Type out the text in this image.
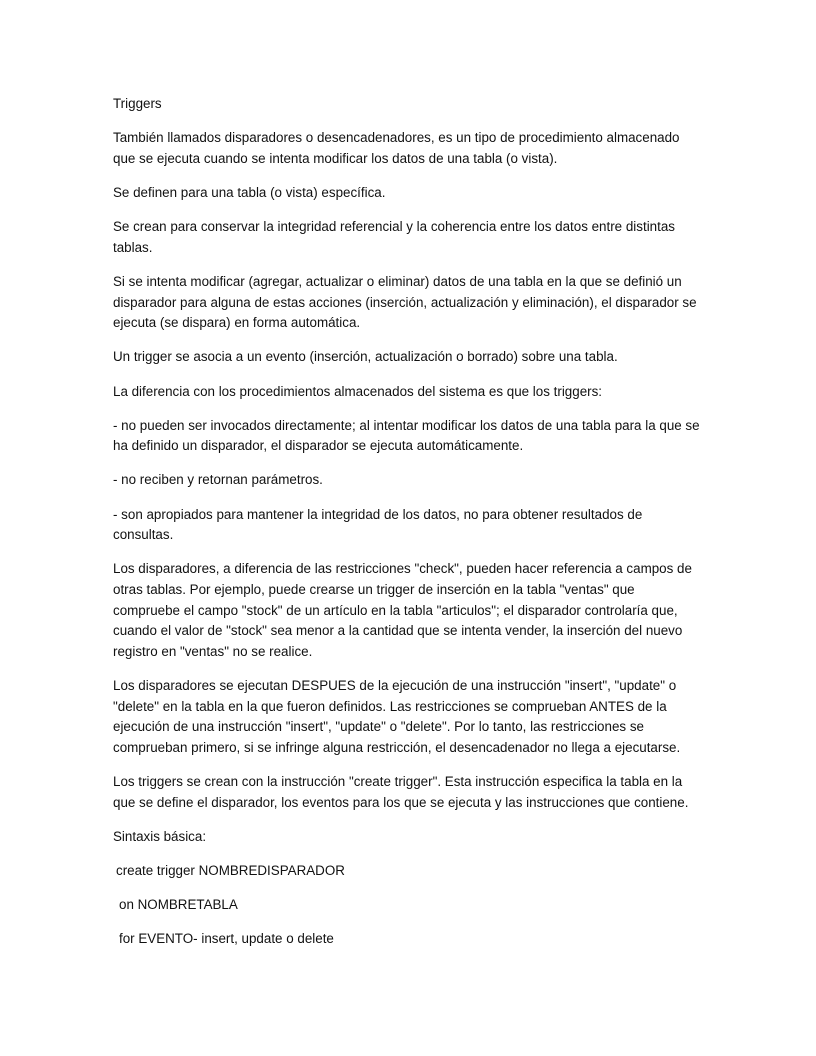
Triggers

También llamados disparadores o desencadenadores, es un tipo de procedimiento almacenado que se ejecuta cuando se intenta modificar los datos de una tabla (o vista).

Se definen para una tabla (o vista) específica.

Se crean para conservar la integridad referencial y la coherencia entre los datos entre distintas tablas.

Si se intenta modificar (agregar, actualizar o eliminar) datos de una tabla en la que se definió un disparador para alguna de estas acciones (inserción, actualización y eliminación), el disparador se ejecuta (se dispara) en forma automática.

Un trigger se asocia a un evento (inserción, actualización o borrado) sobre una tabla.

La diferencia con los procedimientos almacenados del sistema es que los triggers:

- no pueden ser invocados directamente; al intentar modificar los datos de una tabla para la que se ha definido un disparador, el disparador se ejecuta automáticamente.

- no reciben y retornan parámetros.

- son apropiados para mantener la integridad de los datos, no para obtener resultados de consultas.

Los disparadores, a diferencia de las restricciones "check", pueden hacer referencia a campos de otras tablas. Por ejemplo, puede crearse un trigger de inserción en la tabla "ventas" que compruebe el campo "stock" de un artículo en la tabla "articulos"; el disparador controlaría que, cuando el valor de "stock" sea menor a la cantidad que se intenta vender, la inserción del nuevo registro en "ventas" no se realice.

Los disparadores se ejecutan DESPUES de la ejecución de una instrucción "insert", "update" o "delete" en la tabla en la que fueron definidos. Las restricciones se comprueban ANTES de la ejecución de una instrucción "insert", "update" o "delete". Por lo tanto, las restricciones se comprueban primero, si se infringe alguna restricción, el desencadenador no llega a ejecutarse.

Los triggers se crean con la instrucción "create trigger". Esta instrucción especifica la tabla en la que se define el disparador, los eventos para los que se ejecuta y las instrucciones que contiene.

Sintaxis básica:

create trigger NOMBREDISPARADOR

on NOMBRETABLA

for EVENTO- insert, update o delete
